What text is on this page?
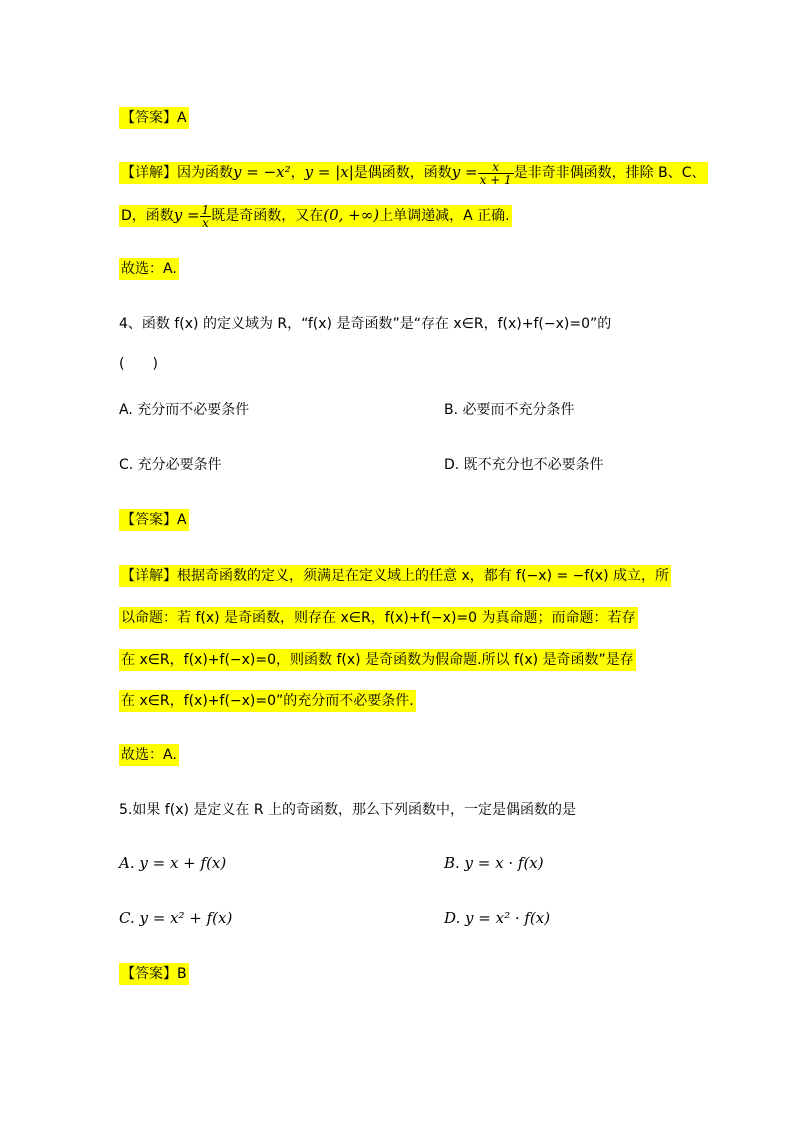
【答案】A
【详解】因为函数y = −x²，y = |x|是偶函数，函数$y = \frac{x}{x + 1}$ 是非奇非偶函数，排除 B、C、
D，函数$y = \frac{1}{x}$ 既是奇函数，又在(0, +∞)上单调递减，A 正确.
故选：A.
4、函数 f(x) 的定义域为 R，“f(x) 是奇函数”是“存在 x∈R，f(x)+f(−x)=0”的
(　　)
A. 充分而不必要条件	B. 必要而不充分条件
C. 充分必要条件	D. 既不充分也不必要条件
【答案】A
【详解】根据奇函数的定义，须满足在定义域上的任意 x，都有 f(−x) = −f(x) 成立，所
以命题：若 f(x) 是奇函数，则存在 x∈R，f(x)+f(−x)=0 为真命题；而命题：若存
在 x∈R，f(x)+f(−x)=0，则函数 f(x) 是奇函数为假命题.所以 f(x) 是奇函数”是存
在 x∈R，f(x)+f(−x)=0”的充分而不必要条件.
故选：A.
5.如果 f(x) 是定义在 R 上的奇函数，那么下列函数中，一定是偶函数的是
A. y = x + f(x)	B. y = x · f(x)
C. y = x² + f(x)	D. y = x² · f(x)
【答案】B
